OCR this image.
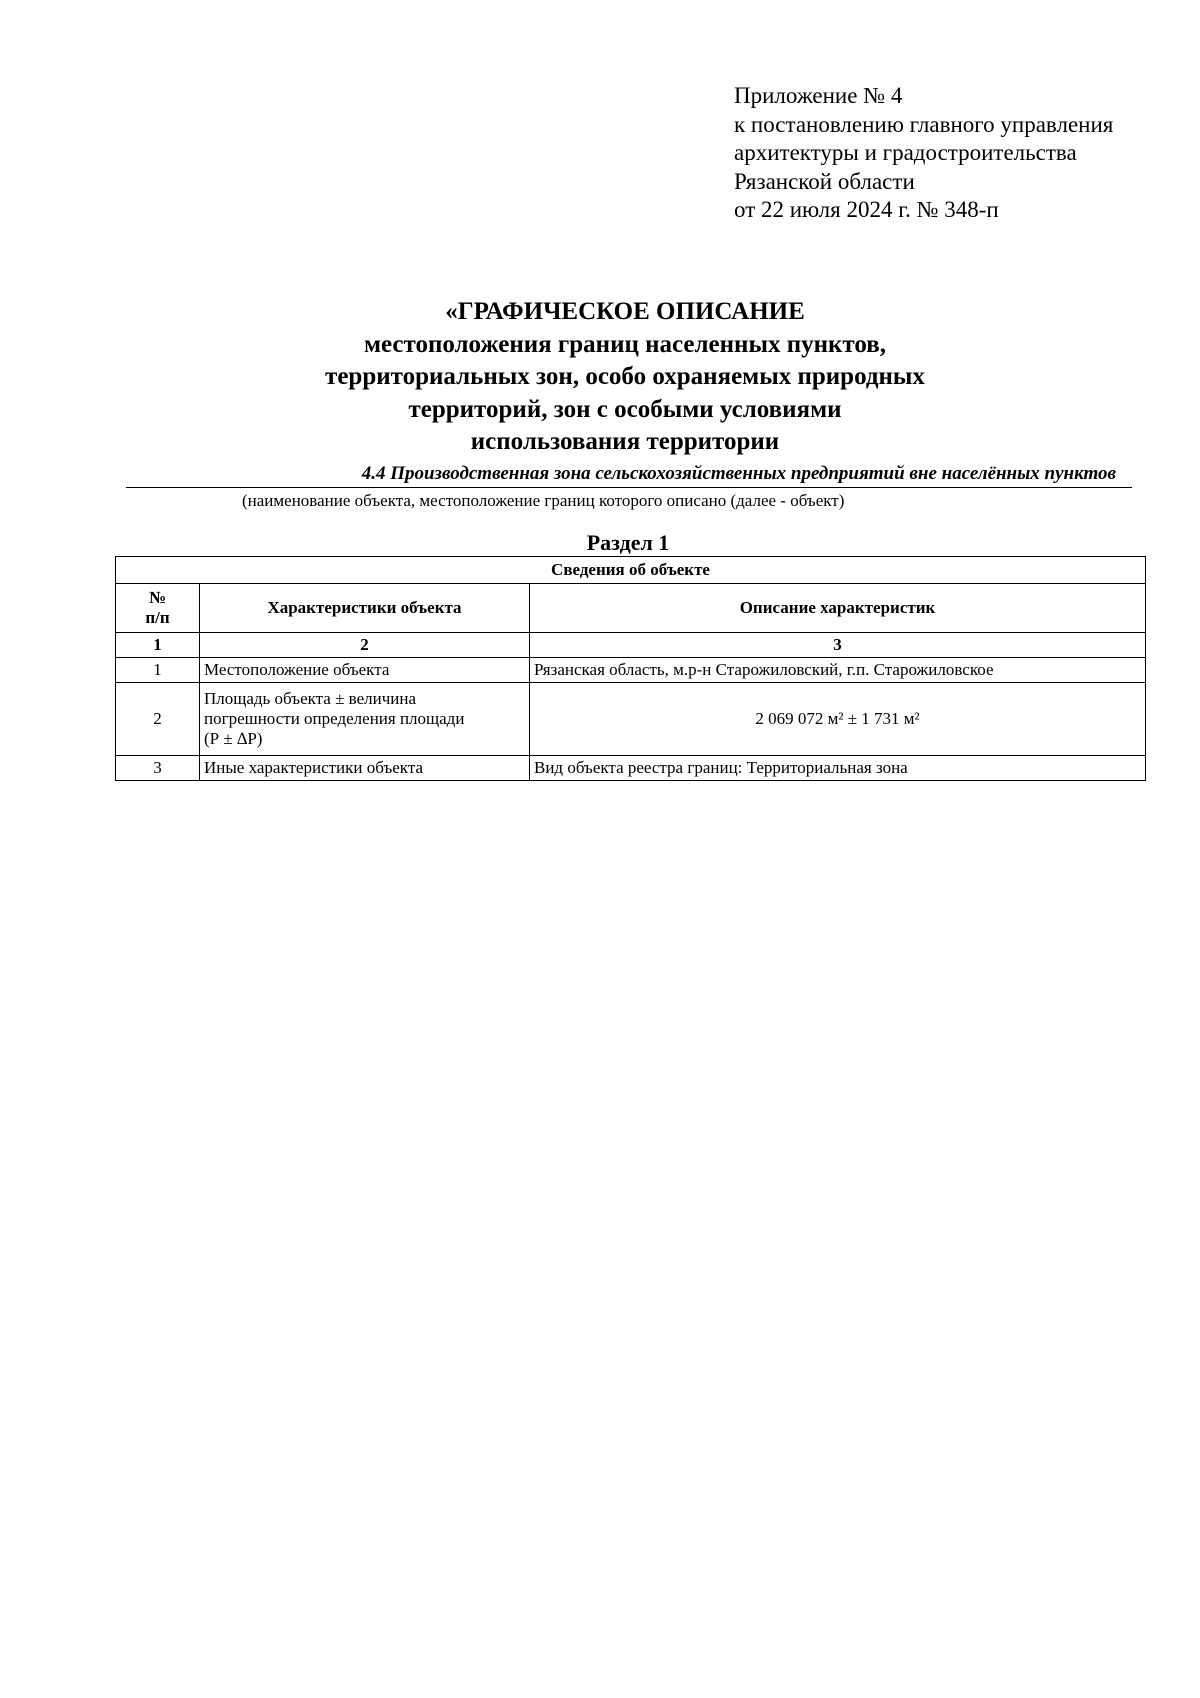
Приложение № 4
к постановлению главного управления
архитектуры и градостроительства
Рязанской области
от 22 июля 2024 г. № 348-п
«ГРАФИЧЕСКОЕ ОПИСАНИЕ
местоположения границ населенных пунктов,
территориальных зон, особо охраняемых природных
территорий, зон с особыми условиями
использования территории
4.4 Производственная зона сельскохозяйственных предприятий вне населённых пунктов
(наименование объекта, местоположение границ которого описано (далее - объект)
Раздел 1
Сведения об объекте		

№
п/п	Характеристики объекта	Описание характеристик
1	2	3
1	Местоположение объекта	Рязанская область, м.р-н Старожиловский, г.п. Старожиловское
2	Площадь объекта ± величина
погрешности определения площади
(Р ± ∆Р)	2 069 072 м² ± 1 731 м²
3	Иные характеристики объекта	Вид объекта реестра границ: Территориальная зона
